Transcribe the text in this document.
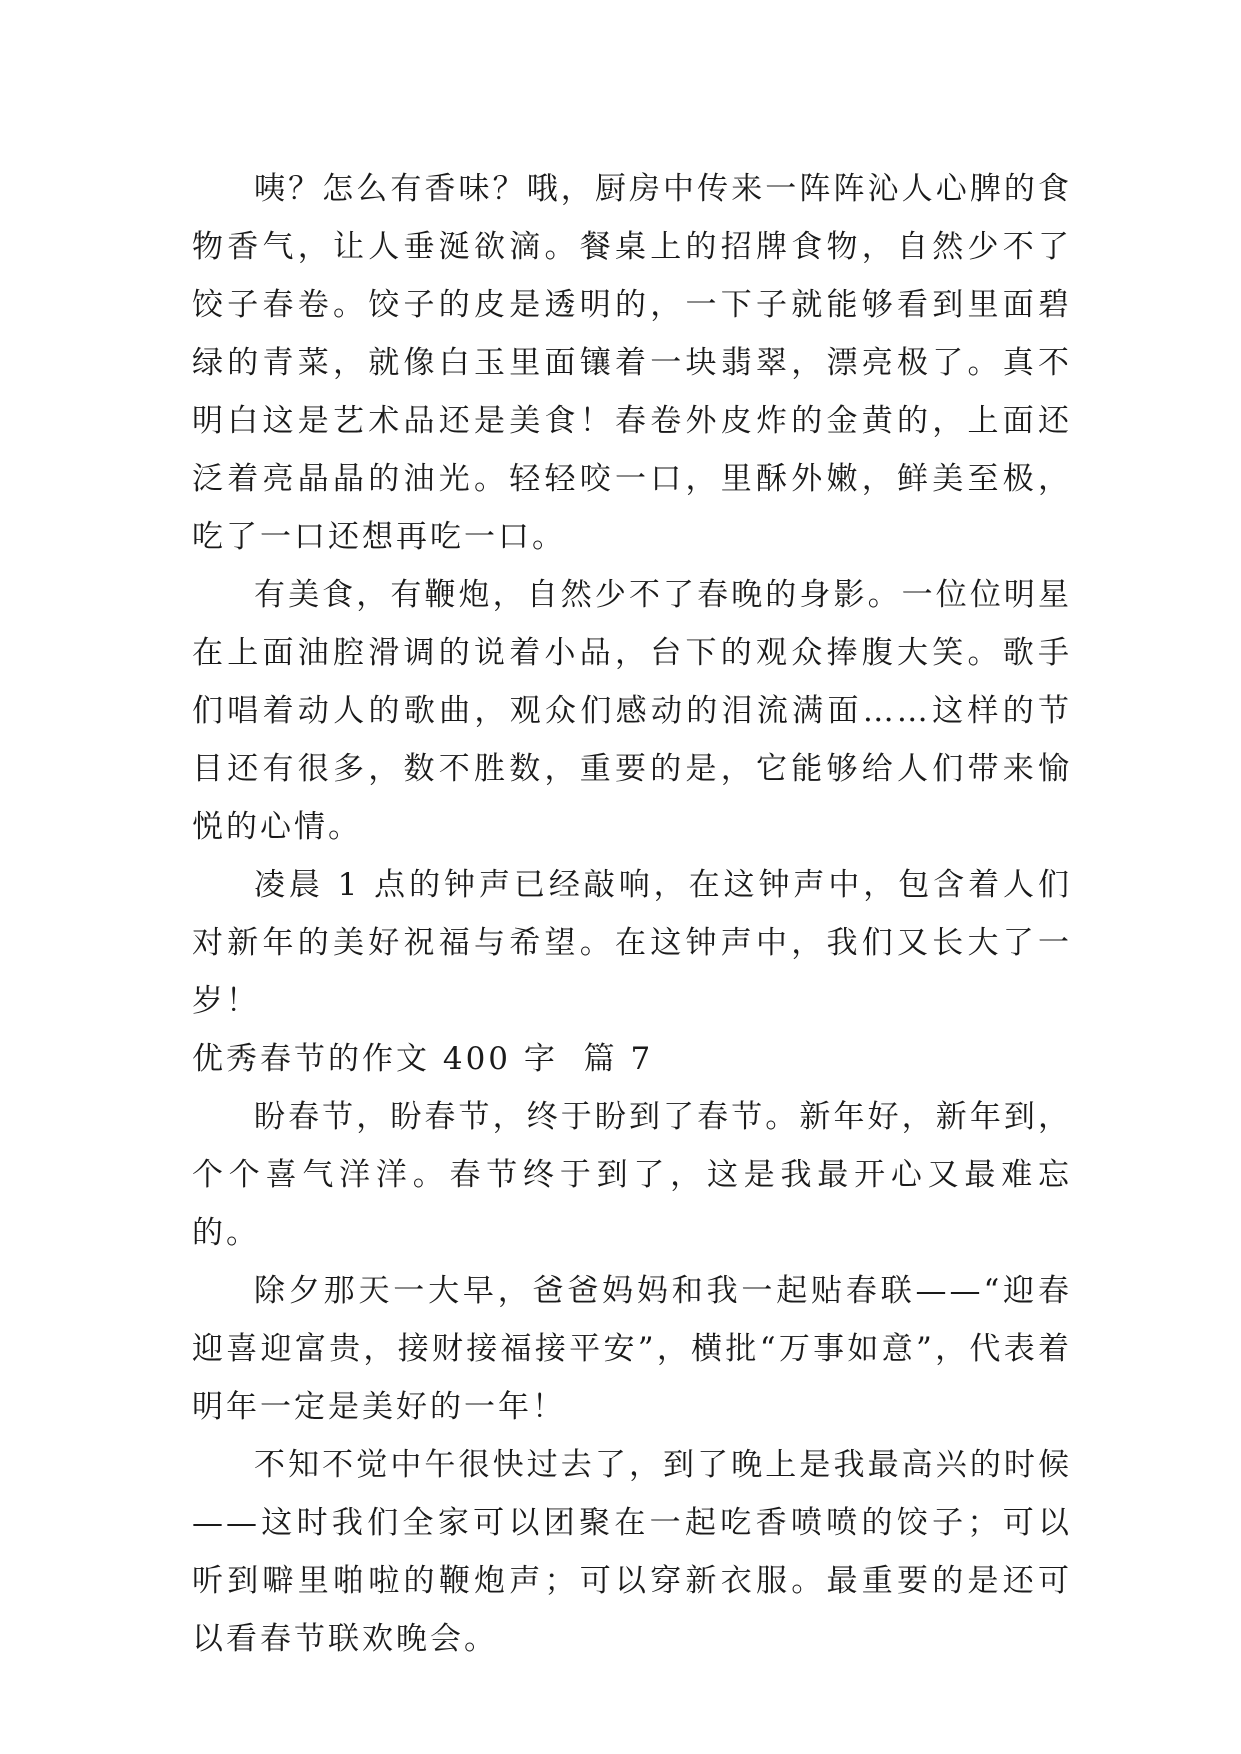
咦？怎么有香味？哦，厨房中传来一阵阵沁人心脾的食物香气，让人垂涎欲滴。餐桌上的招牌食物，自然少不了饺子春卷。饺子的皮是透明的，一下子就能够看到里面碧绿的青菜，就像白玉里面镶着一块翡翠，漂亮极了。真不明白这是艺术品还是美食！春卷外皮炸的金黄的，上面还泛着亮晶晶的油光。轻轻咬一口，里酥外嫩，鲜美至极，吃了一口还想再吃一口。

有美食，有鞭炮，自然少不了春晚的身影。一位位明星在上面油腔滑调的说着小品，台下的观众捧腹大笑。歌手们唱着动人的歌曲，观众们感动的泪流满面……这样的节目还有很多，数不胜数，重要的是，它能够给人们带来愉悦的心情。

凌晨 1 点的钟声已经敲响，在这钟声中，包含着人们对新年的美好祝福与希望。在这钟声中，我们又长大了一岁！

优秀春节的作文 400 字  篇 7

盼春节，盼春节，终于盼到了春节。新年好，新年到，个个喜气洋洋。春节终于到了，这是我最开心又最难忘的。

除夕那天一大早，爸爸妈妈和我一起贴春联——“迎春迎喜迎富贵，接财接福接平安”，横批“万事如意”，代表着明年一定是美好的一年！

不知不觉中午很快过去了，到了晚上是我最高兴的时候——这时我们全家可以团聚在一起吃香喷喷的饺子；可以听到噼里啪啦的鞭炮声；可以穿新衣服。最重要的是还可以看春节联欢晚会。
